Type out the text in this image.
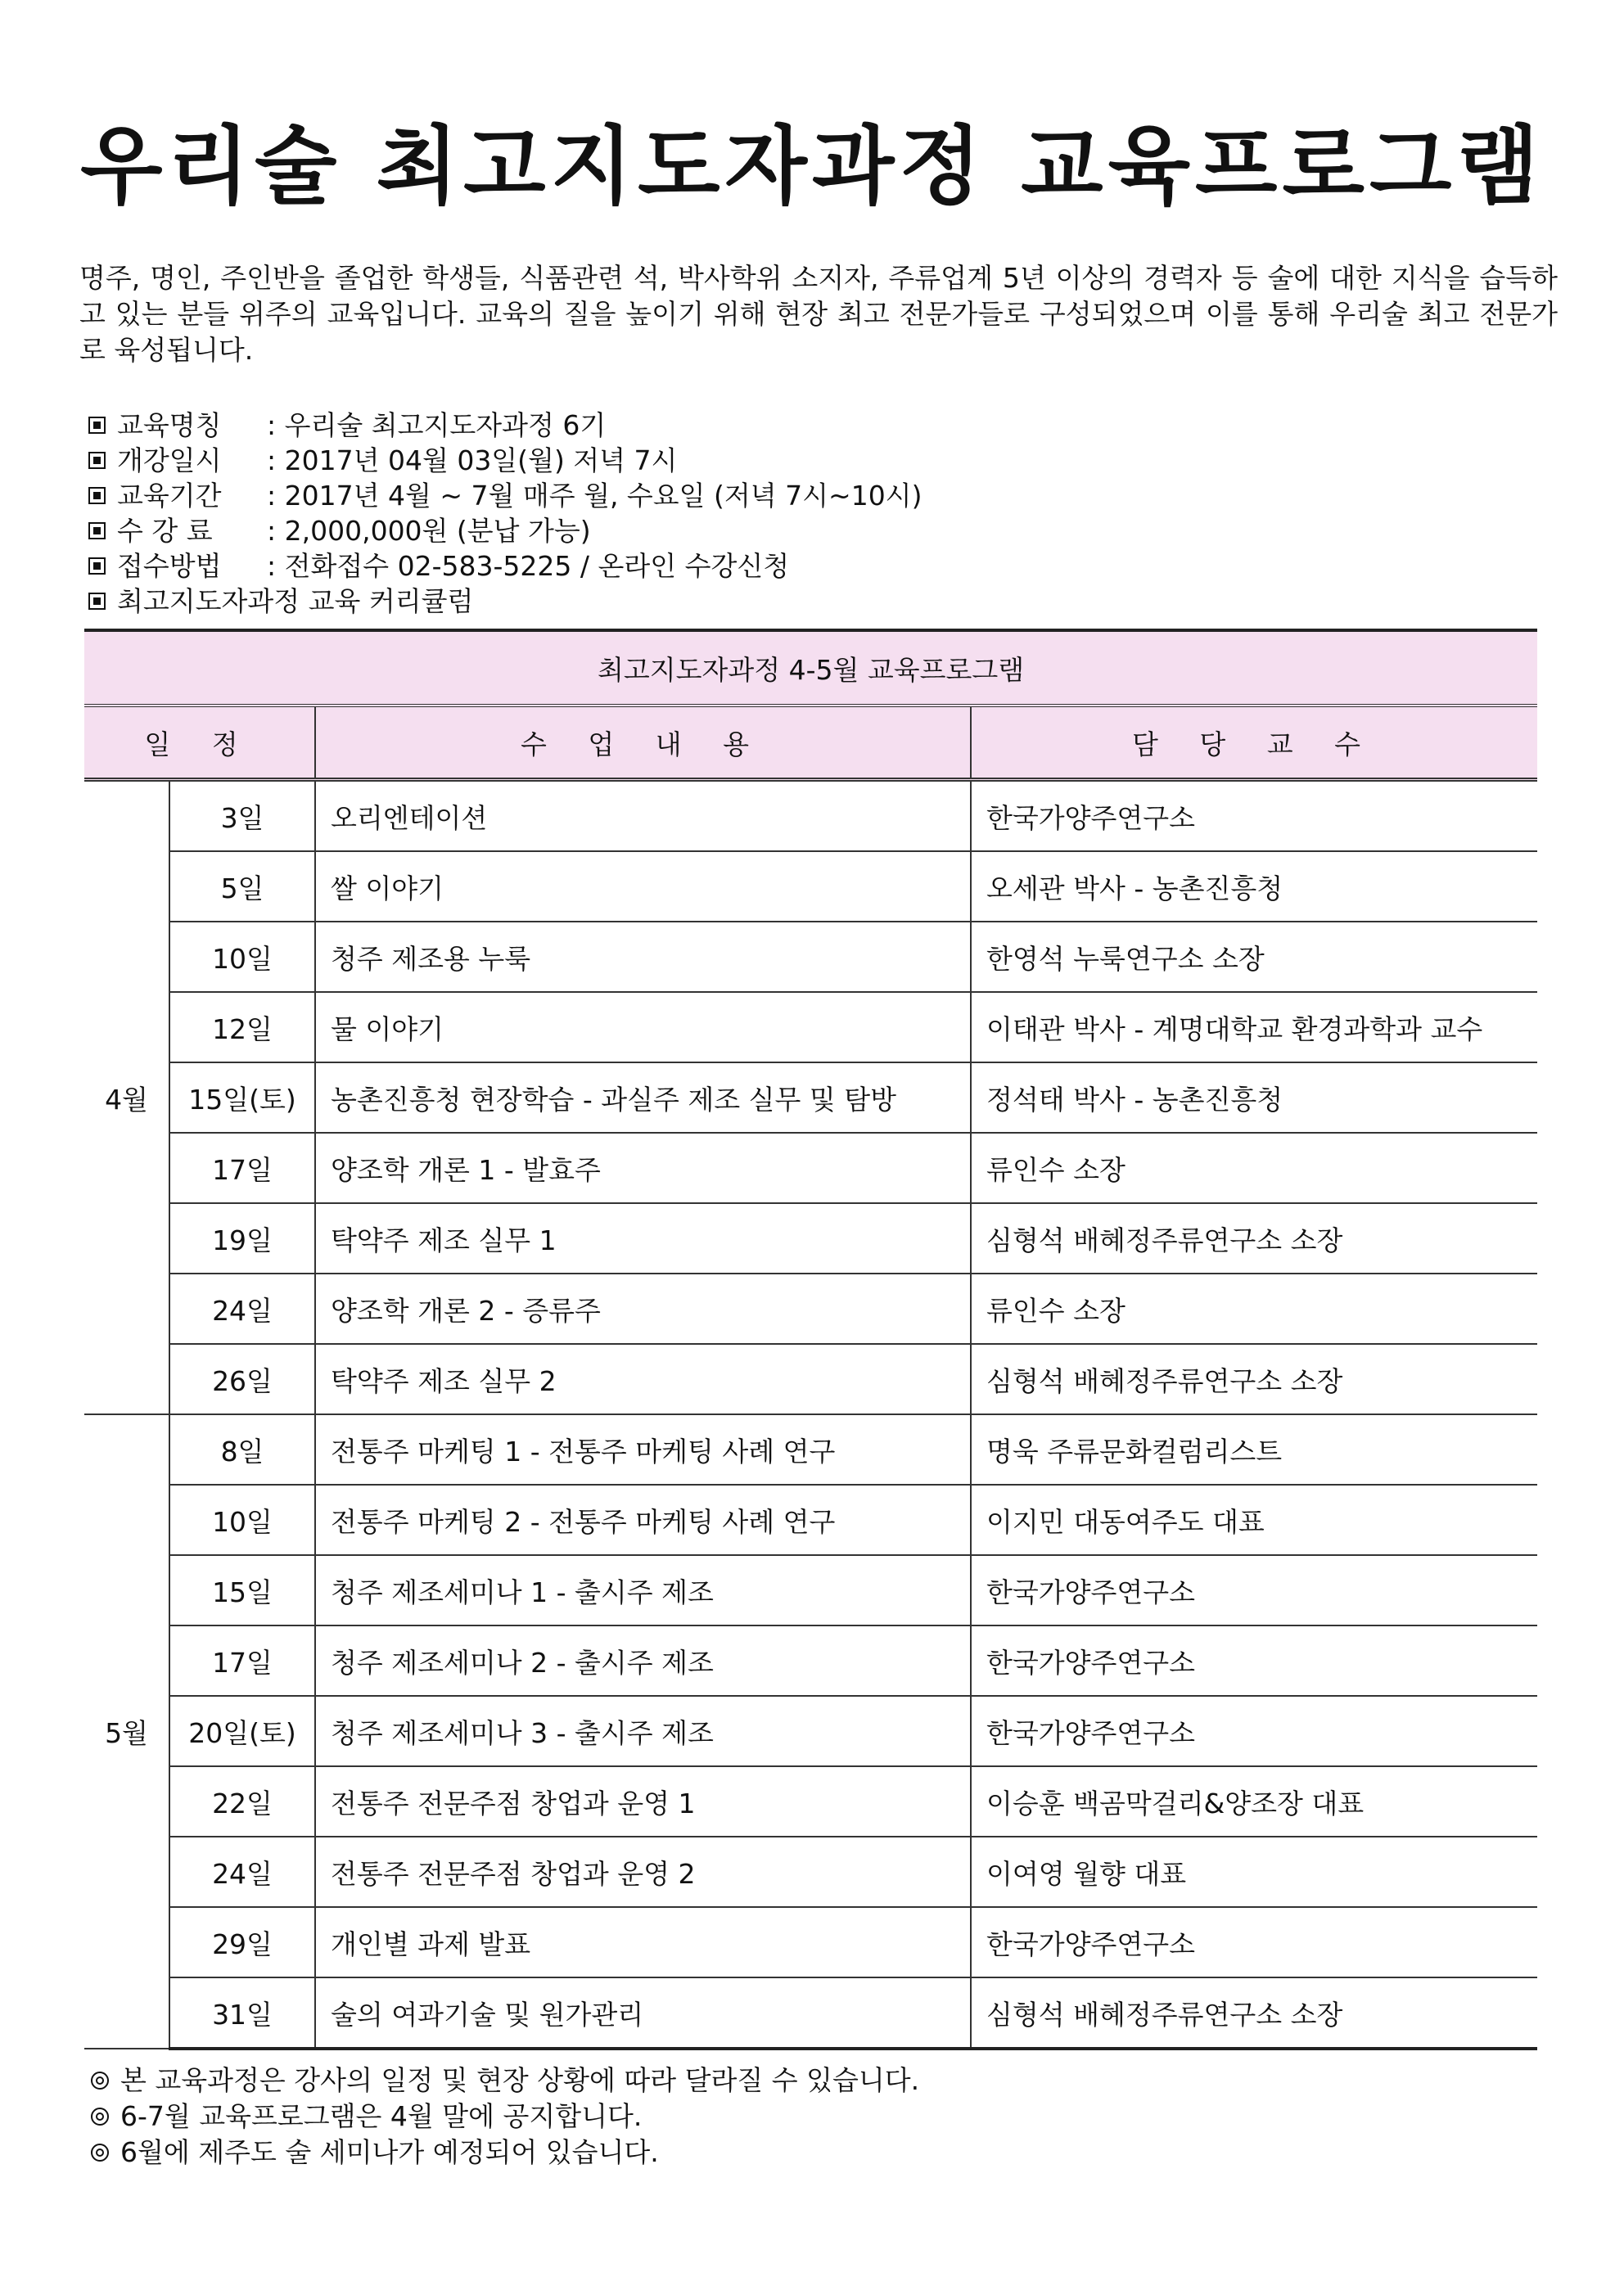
우리술 최고지도자과정 교육프로그램

명주, 명인, 주인반을 졸업한 학생들, 식품관련 석, 박사학위 소지자, 주류업계 5년 이상의 경력자 등 술에 대한 지식을 습득하고 있는 분들 위주의 교육입니다. 교육의 질을 높이기 위해 현장 최고 전문가들로 구성되었으며 이를 통해 우리술 최고 전문가로 육성됩니다.

교육명칭 : 우리술 최고지도자과정 6기
개강일시 : 2017년 04월 03일(월) 저녁 7시
교육기간 : 2017년 4월 ~ 7월 매주 월, 수요일 (저녁 7시~10시)
수 강 료 : 2,000,000원 (분납 가능)
접수방법 : 전화접수 02-583-5225 / 온라인 수강신청
최고지도자과정 교육 커리큘럼
최고지도자과정 4-5월 교육프로그램			
일 정		수 업 내 용	담 당 교 수
4월	3일	오리엔테이션	한국가양주연구소
	5일	쌀 이야기	오세관 박사 - 농촌진흥청
	10일	청주 제조용 누룩	한영석 누룩연구소 소장
	12일	물 이야기	이태관 박사 - 계명대학교 환경과학과 교수
	15일(토)	농촌진흥청 현장학습 - 과실주 제조 실무 및 탐방	정석태 박사 - 농촌진흥청
	17일	양조학 개론 1 - 발효주	류인수 소장
	19일	탁약주 제조 실무 1	심형석 배혜정주류연구소 소장
	24일	양조학 개론 2 - 증류주	류인수 소장
	26일	탁약주 제조 실무 2	심형석 배혜정주류연구소 소장
5월	8일	전통주 마케팅 1 - 전통주 마케팅 사례 연구	명욱 주류문화컬럼리스트
	10일	전통주 마케팅 2 - 전통주 마케팅 사례 연구	이지민 대동여주도 대표
	15일	청주 제조세미나 1 - 출시주 제조	한국가양주연구소
	17일	청주 제조세미나 2 - 출시주 제조	한국가양주연구소
	20일(토)	청주 제조세미나 3 - 출시주 제조	한국가양주연구소
	22일	전통주 전문주점 창업과 운영 1	이승훈 백곰막걸리&양조장 대표
	24일	전통주 전문주점 창업과 운영 2	이여영 월향 대표
	29일	개인별 과제 발표	한국가양주연구소
	31일	술의 여과기술 및 원가관리	심형석 배혜정주류연구소 소장
본 교육과정은 강사의 일정 및 현장 상황에 따라 달라질 수 있습니다.
6-7월 교육프로그램은 4월 말에 공지합니다.
6월에 제주도 술 세미나가 예정되어 있습니다.
